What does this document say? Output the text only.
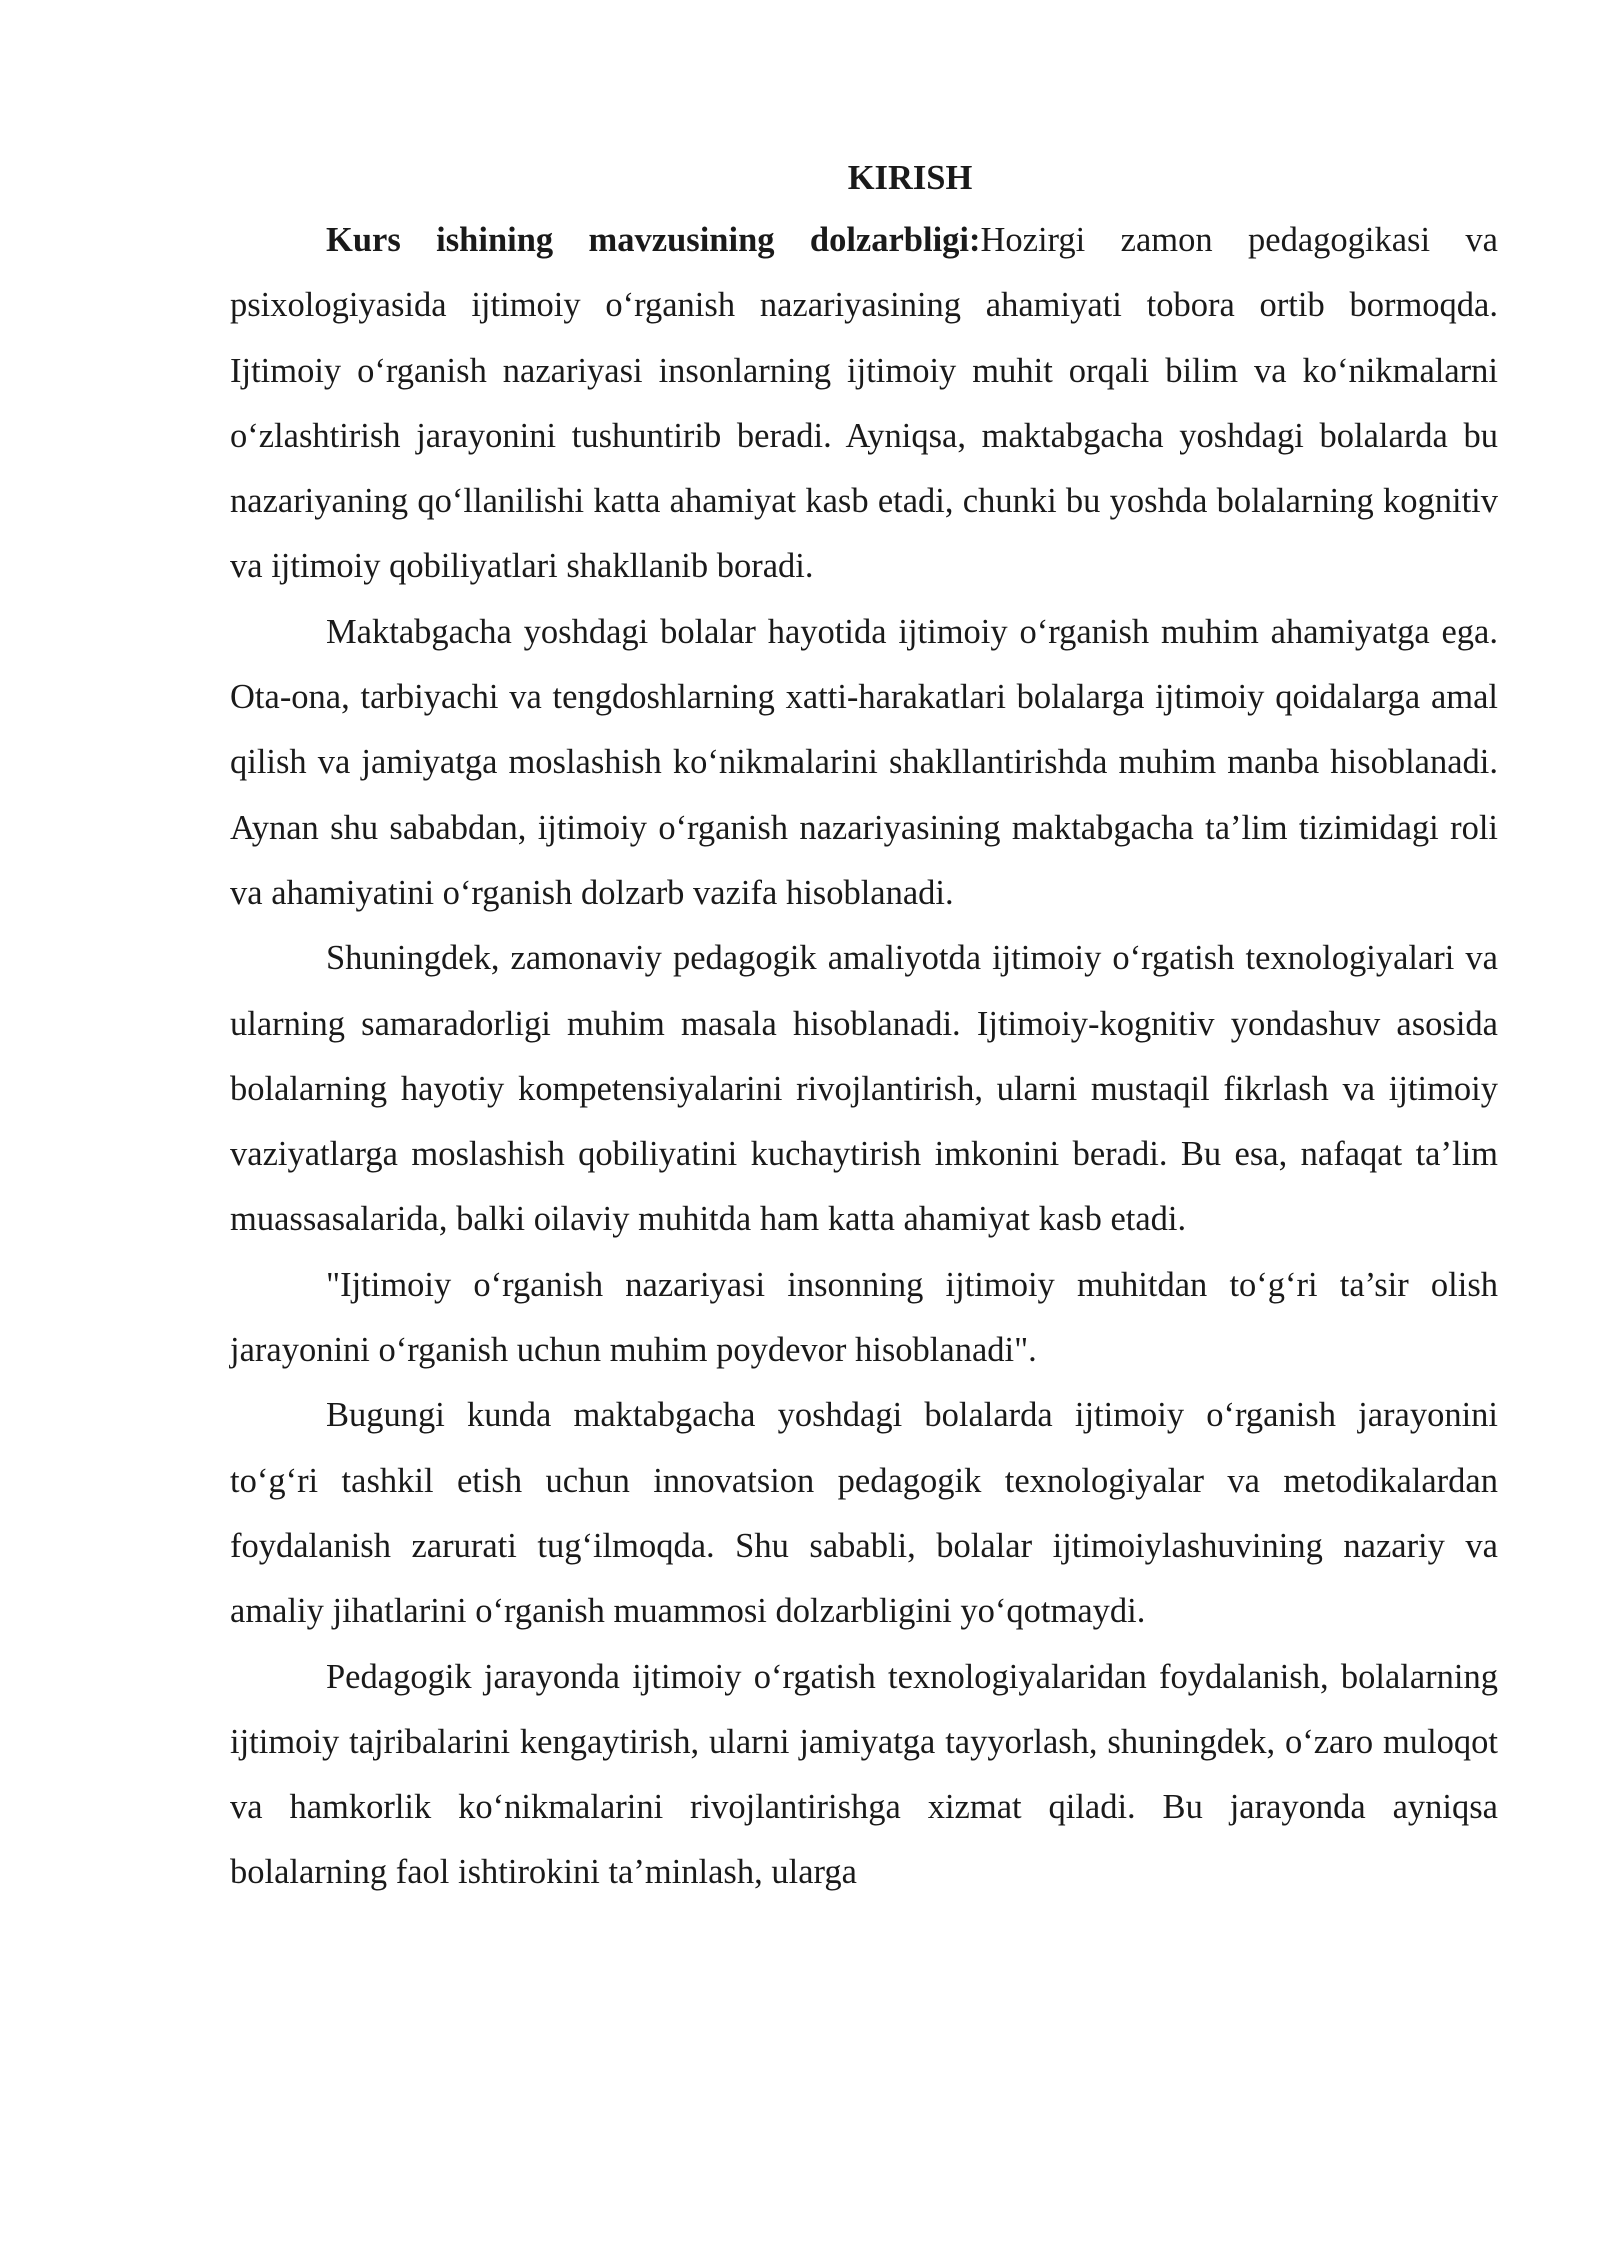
KIRISH

Kurs ishining mavzusining dolzarbligi:Hozirgi zamon pedagogikasi va psixologiyasida ijtimoiy o‘rganish nazariyasining ahamiyati tobora ortib bormoqda. Ijtimoiy o‘rganish nazariyasi insonlarning ijtimoiy muhit orqali bilim va ko‘nikmalarni o‘zlashtirish jarayonini tushuntirib beradi. Ayniqsa, maktabgacha yoshdagi bolalarda bu nazariyaning qo‘llanilishi katta ahamiyat kasb etadi, chunki bu yoshda bolalarning kognitiv va ijtimoiy qobiliyatlari shakllanib boradi.

Maktabgacha yoshdagi bolalar hayotida ijtimoiy o‘rganish muhim ahamiyatga ega. Ota-ona, tarbiyachi va tengdoshlarning xatti-harakatlari bolalarga ijtimoiy qoidalarga amal qilish va jamiyatga moslashish ko‘nikmalarini shakllantirishda muhim manba hisoblanadi. Aynan shu sababdan, ijtimoiy o‘rganish nazariyasining maktabgacha ta’lim tizimidagi roli va ahamiyatini o‘rganish dolzarb vazifa hisoblanadi.

Shuningdek, zamonaviy pedagogik amaliyotda ijtimoiy o‘rgatish texnologiyalari va ularning samaradorligi muhim masala hisoblanadi. Ijtimoiy-kognitiv yondashuv asosida bolalarning hayotiy kompetensiyalarini rivojlantirish, ularni mustaqil fikrlash va ijtimoiy vaziyatlarga moslashish qobiliyatini kuchaytirish imkonini beradi. Bu esa, nafaqat ta’lim muassasalarida, balki oilaviy muhitda ham katta ahamiyat kasb etadi.

"Ijtimoiy o‘rganish nazariyasi insonning ijtimoiy muhitdan to‘g‘ri ta’sir olish jarayonini o‘rganish uchun muhim poydevor hisoblanadi".

Bugungi kunda maktabgacha yoshdagi bolalarda ijtimoiy o‘rganish jarayonini to‘g‘ri tashkil etish uchun innovatsion pedagogik texnologiyalar va metodikalardan foydalanish zarurati tug‘ilmoqda. Shu sababli, bolalar ijtimoiylashuvining nazariy va amaliy jihatlarini o‘rganish muammosi dolzarbligini yo‘qotmaydi.

Pedagogik jarayonda ijtimoiy o‘rgatish texnologiyalaridan foydalanish, bolalarning ijtimoiy tajribalarini kengaytirish, ularni jamiyatga tayyorlash, shuningdek, o‘zaro muloqot va hamkorlik ko‘nikmalarini rivojlantirishga xizmat qiladi. Bu jarayonda ayniqsa bolalarning faol ishtirokini ta’minlash, ularga
